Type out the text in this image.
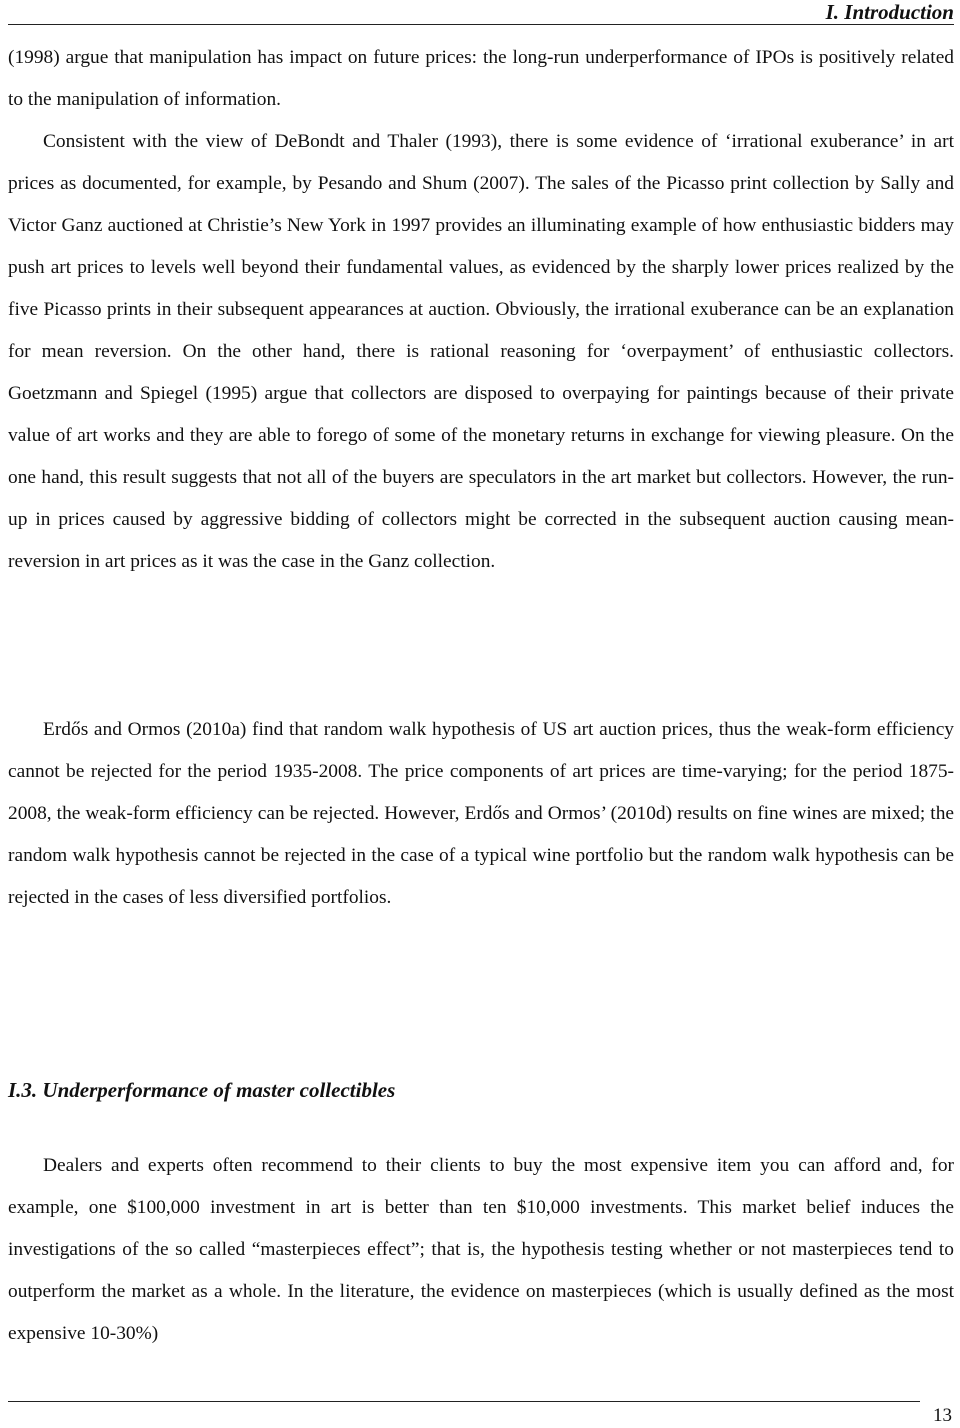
I. Introduction

(1998) argue that manipulation has impact on future prices: the long-run underperformance of IPOs is positively related to the manipulation of information.

Consistent with the view of DeBondt and Thaler (1993), there is some evidence of ‘irrational exuberance’ in art prices as documented, for example, by Pesando and Shum (2007). The sales of the Picasso print collection by Sally and Victor Ganz auctioned at Christie’s New York in 1997 provides an illuminating example of how enthusiastic bidders may push art prices to levels well beyond their fundamental values, as evidenced by the sharply lower prices realized by the five Picasso prints in their subsequent appearances at auction. Obviously, the irrational exuberance can be an explanation for mean reversion. On the other hand, there is rational reasoning for ‘overpayment’ of enthusiastic collectors. Goetzmann and Spiegel (1995) argue that collectors are disposed to overpaying for paintings because of their private value of art works and they are able to forego of some of the monetary returns in exchange for viewing pleasure. On the one hand, this result suggests that not all of the buyers are speculators in the art market but collectors. However, the run-up in prices caused by aggressive bidding of collectors might be corrected in the subsequent auction causing mean-reversion in art prices as it was the case in the Ganz collection.

Erdős and Ormos (2010a) find that random walk hypothesis of US art auction prices, thus the weak-form efficiency cannot be rejected for the period 1935-2008. The price components of art prices are time-varying; for the period 1875-2008, the weak-form efficiency can be rejected. However, Erdős and Ormos’ (2010d) results on fine wines are mixed; the random walk hypothesis cannot be rejected in the case of a typical wine portfolio but the random walk hypothesis can be rejected in the cases of less diversified portfolios.

I.3. Underperformance of master collectibles

Dealers and experts often recommend to their clients to buy the most expensive item you can afford and, for example, one $100,000 investment in art is better than ten $10,000 investments. This market belief induces the investigations of the so called “masterpieces effect”; that is, the hypothesis testing whether or not masterpieces tend to outperform the market as a whole. In the literature, the evidence on masterpieces (which is usually defined as the most expensive 10-30%)

13
